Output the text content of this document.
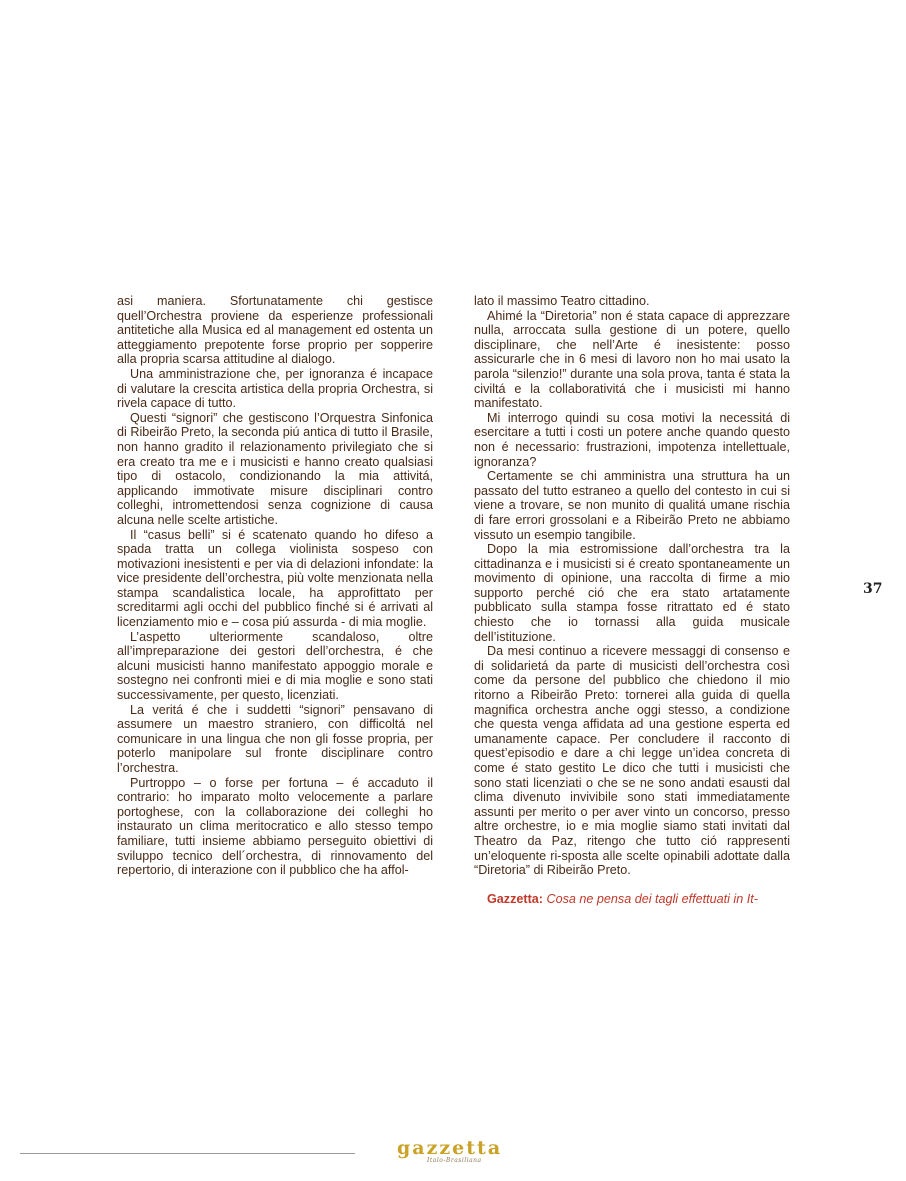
asi maniera. Sfortunatamente chi gestisce quell’Orchestra proviene da esperienze professionali antitetiche alla Musica ed al management ed ostenta un atteggiamento prepotente forse proprio per sopperire alla propria scarsa attitudine al dialogo.

Una amministrazione che, per ignoranza é incapace di valutare la crescita artistica della propria Orchestra, si rivela capace di tutto.

Questi “signori” che gestiscono l’Orquestra Sinfonica di Ribeirão Preto, la seconda piú antica di tutto il Brasile, non hanno gradito il relazionamento privilegiato che si era creato tra me e i musicisti e hanno creato qualsiasi tipo di ostacolo, condizionando la mia attivitá, applicando immotivate misure disciplinari contro colleghi, intromettendosi senza cognizione di causa alcuna nelle scelte artistiche.

Il “casus belli” si é scatenato quando ho difeso a spada tratta un collega violinista sospeso con motivazioni inesistenti e per via di delazioni infondate: la vice presidente dell’orchestra, più volte menzionata nella stampa scandalistica locale, ha approfittato per screditarmi agli occhi del pubblico finché si é arrivati al licenziamento mio e – cosa piú assurda - di mia moglie.

L’aspetto ulteriormente scandaloso, oltre all’impreparazione dei gestori dell’orchestra, é che alcuni musicisti hanno manifestato appoggio morale e sostegno nei confronti miei e di mia moglie e sono stati successivamente, per questo, licenziati.

La veritá é che i suddetti “signori” pensavano di assumere un maestro straniero, con difficoltá nel comunicare in una lingua che non gli fosse propria, per poterlo manipolare sul fronte disciplinare contro l’orchestra.

Purtroppo – o forse per fortuna – é accaduto il contrario: ho imparato molto velocemente a parlare portoghese, con la collaborazione dei colleghi ho instaurato un clima meritocratico e allo stesso tempo familiare, tutti insieme abbiamo perseguito obiettivi di sviluppo tecnico dell´orchestra, di rinnovamento del repertorio, di interazione con il pubblico che ha affol-

lato il massimo Teatro cittadino.

Ahimé la “Diretoria” non é stata capace di apprezzare nulla, arroccata sulla gestione di un potere, quello disciplinare, che nell’Arte é inesistente: posso assicurarle che in 6 mesi di lavoro non ho mai usato la parola “silenzio!” durante una sola prova, tanta é stata la civiltá e la collaborativitá che i musicisti mi hanno manifestato.

Mi interrogo quindi su cosa motivi la necessitá di esercitare a tutti i costi un potere anche quando questo non é necessario: frustrazioni, impotenza intellettuale, ignoranza?

Certamente se chi amministra una struttura ha un passato del tutto estraneo a quello del contesto in cui si viene a trovare, se non munito di qualitá umane rischia di fare errori grossolani e a Ribeirão Preto ne abbiamo vissuto un esempio tangibile.

Dopo la mia estromissione dall’orchestra tra la cittadinanza e i musicisti si é creato spontaneamente un movimento di opinione, una raccolta di firme a mio supporto perché ció che era stato artatamente pubblicato sulla stampa fosse ritrattato ed é stato chiesto che io tornassi alla guida musicale dell’istituzione.

Da mesi continuo a ricevere messaggi di consenso e di solidarietá da parte di musicisti dell’orchestra così come da persone del pubblico che chiedono il mio ritorno a Ribeirão Preto: tornerei alla guida di quella magnifica orchestra anche oggi stesso, a condizione che questa venga affidata ad una gestione esperta ed umanamente capace. Per concludere il racconto di quest’episodio e dare a chi legge un’idea concreta di come é stato gestito Le dico che tutti i musicisti che sono stati licenziati o che se ne sono andati esausti dal clima divenuto invivibile sono stati immediatamente assunti per merito o per aver vinto un concorso, presso altre orchestre, io e mia moglie siamo stati invitati dal Theatro da Paz, ritengo che tutto ció rappresenti un’eloquente ri-sposta alle scelte opinabili adottate dalla “Diretoria” di Ribeirão Preto.

Gazzetta: Cosa ne pensa dei tagli effettuati in It-

37
gazzetta
Italo-Brasiliana
